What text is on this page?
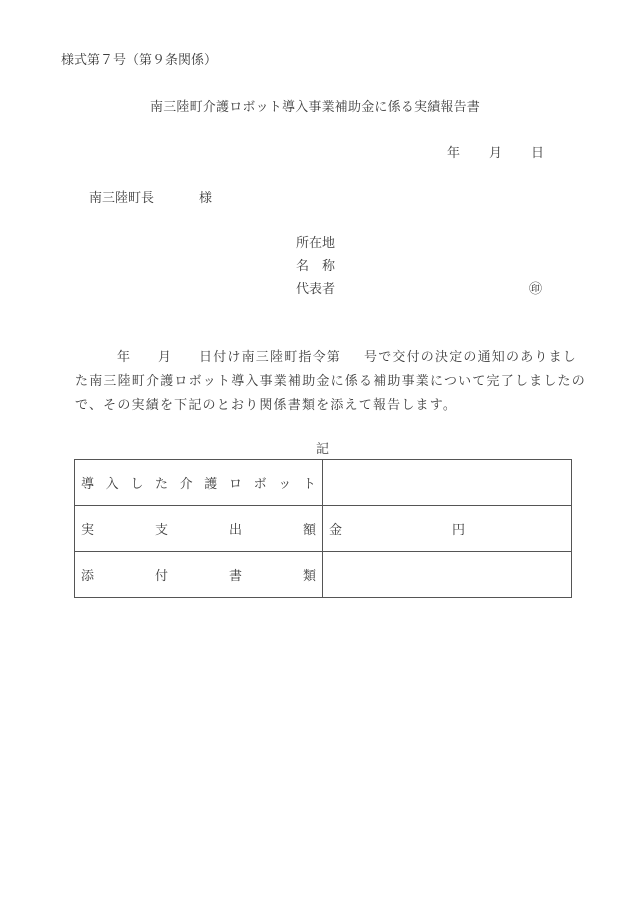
様式第７号（第９条関係）
南三陸町介護ロボット導入事業補助金に係る実績報告書
年 月 日
南三陸町長	様
所在地
名　称
代表者	㊞
年 月 日付け南三陸町指令第 号で交付の決定の通知のありまし
た南三陸町介護ロボット導入事業補助金に係る補助事業について完了しましたの
で、その実績を下記のとおり関係書類を添えて報告します。
記
導 入 し た 介 護 ロ ボ ッ ト

実 支 出 額	金 円

添 付 書 類	
